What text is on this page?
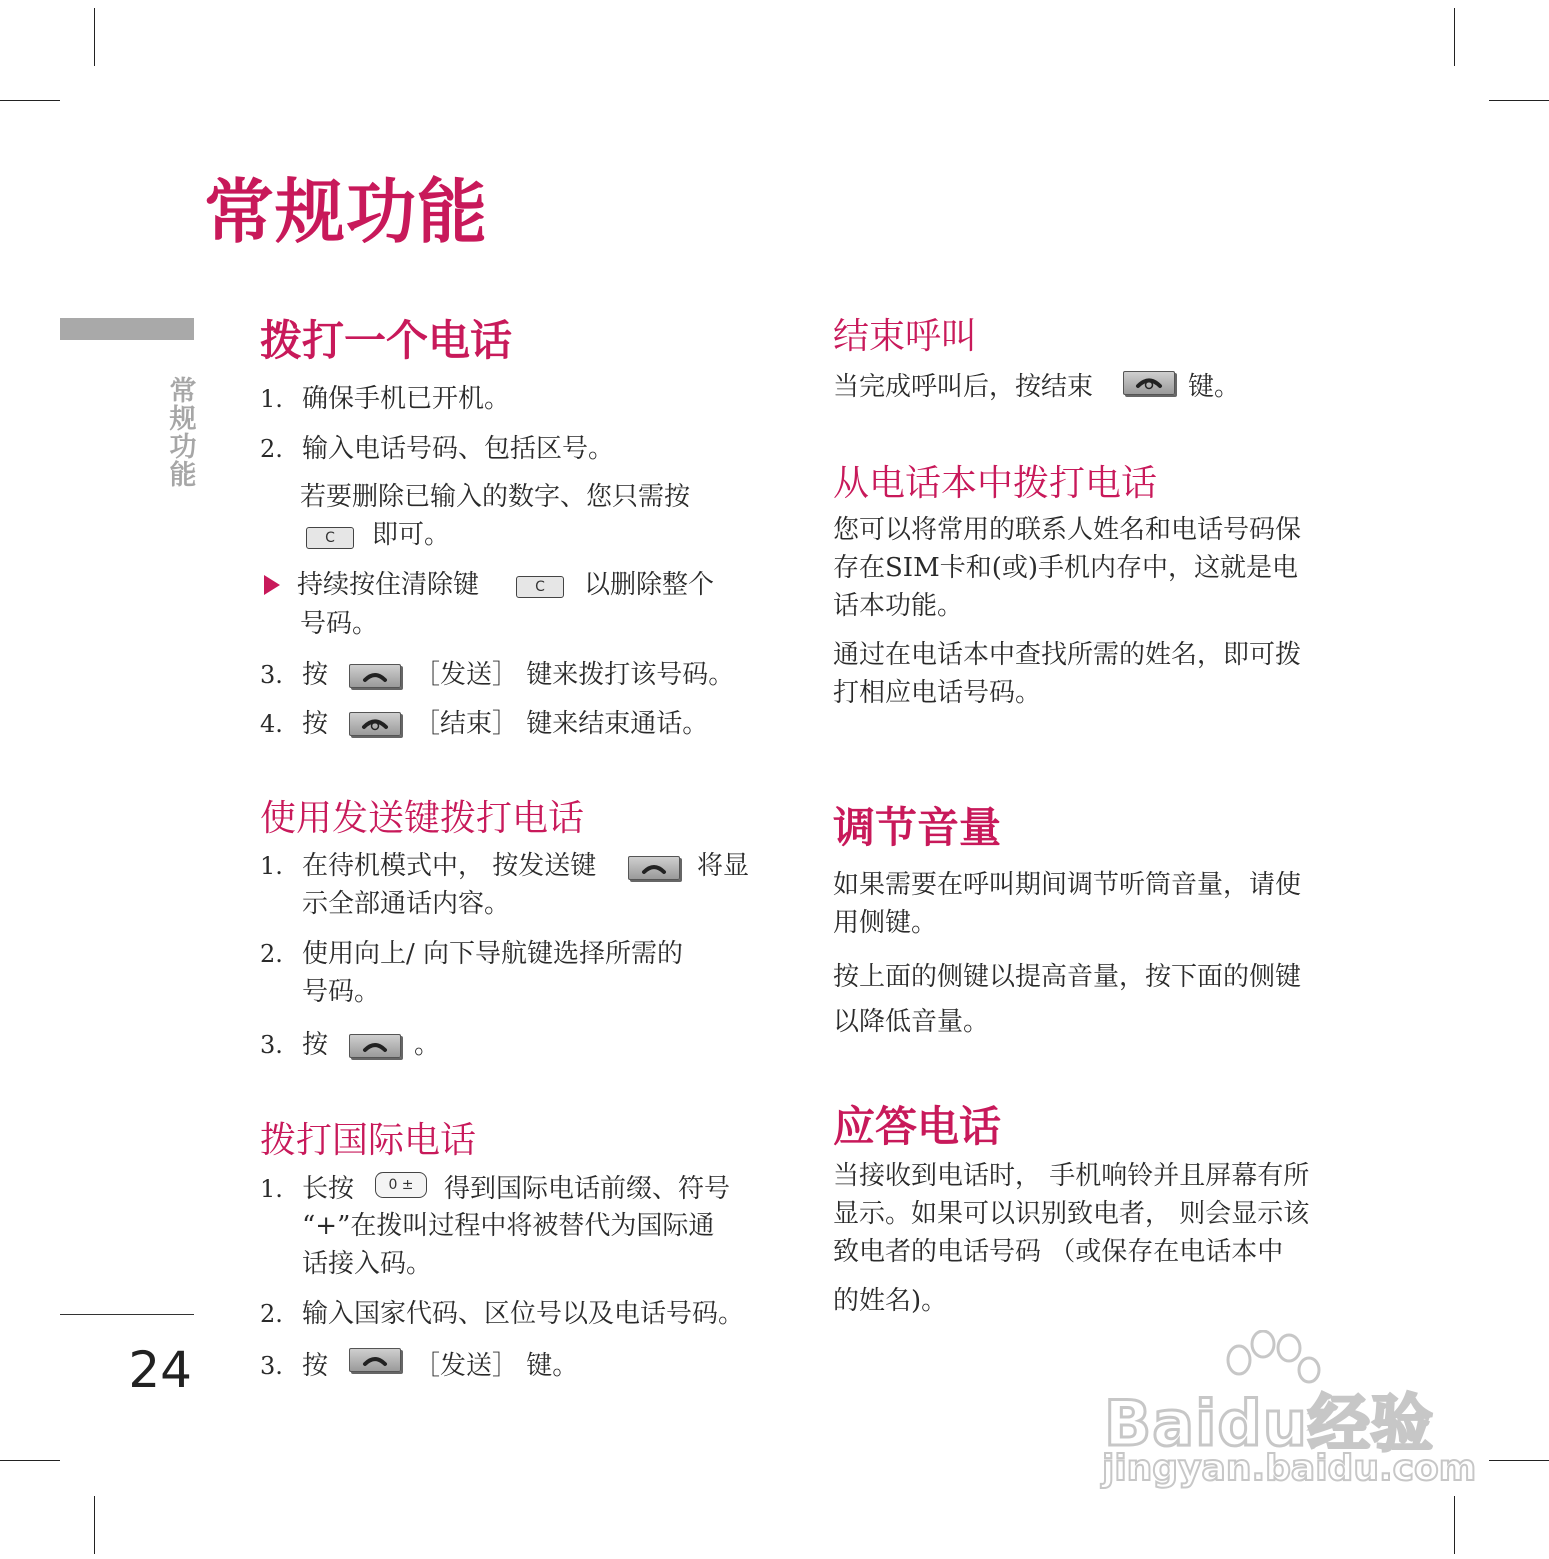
常规功能
常规功能
24
拨打一个电话
1. 确保手机已开机。
2. 输入电话号码、包括区号。
若要删除已输入的数字、您只需按
C	即可。
持续按住清除键	C	以删除整个
号码。
3. 按	［发送］ 键来拨打该号码。
4. 按	［结束］ 键来结束通话。
使用发送键拨打电话
1. 在待机模式中， 按发送键	将显
示全部通话内容。
2. 使用向上/ 向下导航键选择所需的
号码。
3. 按	。
拨打国际电话
1. 长按	0 ±	得到国际电话前缀、符号
“+”在拨叫过程中将被替代为国际通
话接入码。
2. 输入国家代码、区位号以及电话号码。
3. 按	［发送］ 键。
结束呼叫
当完成呼叫后，按结束	键。
从电话本中拨打电话
您可以将常用的联系人姓名和电话号码保
存在SIM卡和(或)手机内存中，这就是电
话本功能。
通过在电话本中查找所需的姓名，即可拨
打相应电话号码。
调节音量
如果需要在呼叫期间调节听筒音量，请使
用侧键。
按上面的侧键以提高音量，按下面的侧键
以降低音量。
应答电话
当接收到电话时， 手机响铃并且屏幕有所
显示。如果可以识别致电者， 则会显示该
致电者的电话号码 （或保存在电话本中
的姓名)。
Baidu经验
jingyan.baidu.com
